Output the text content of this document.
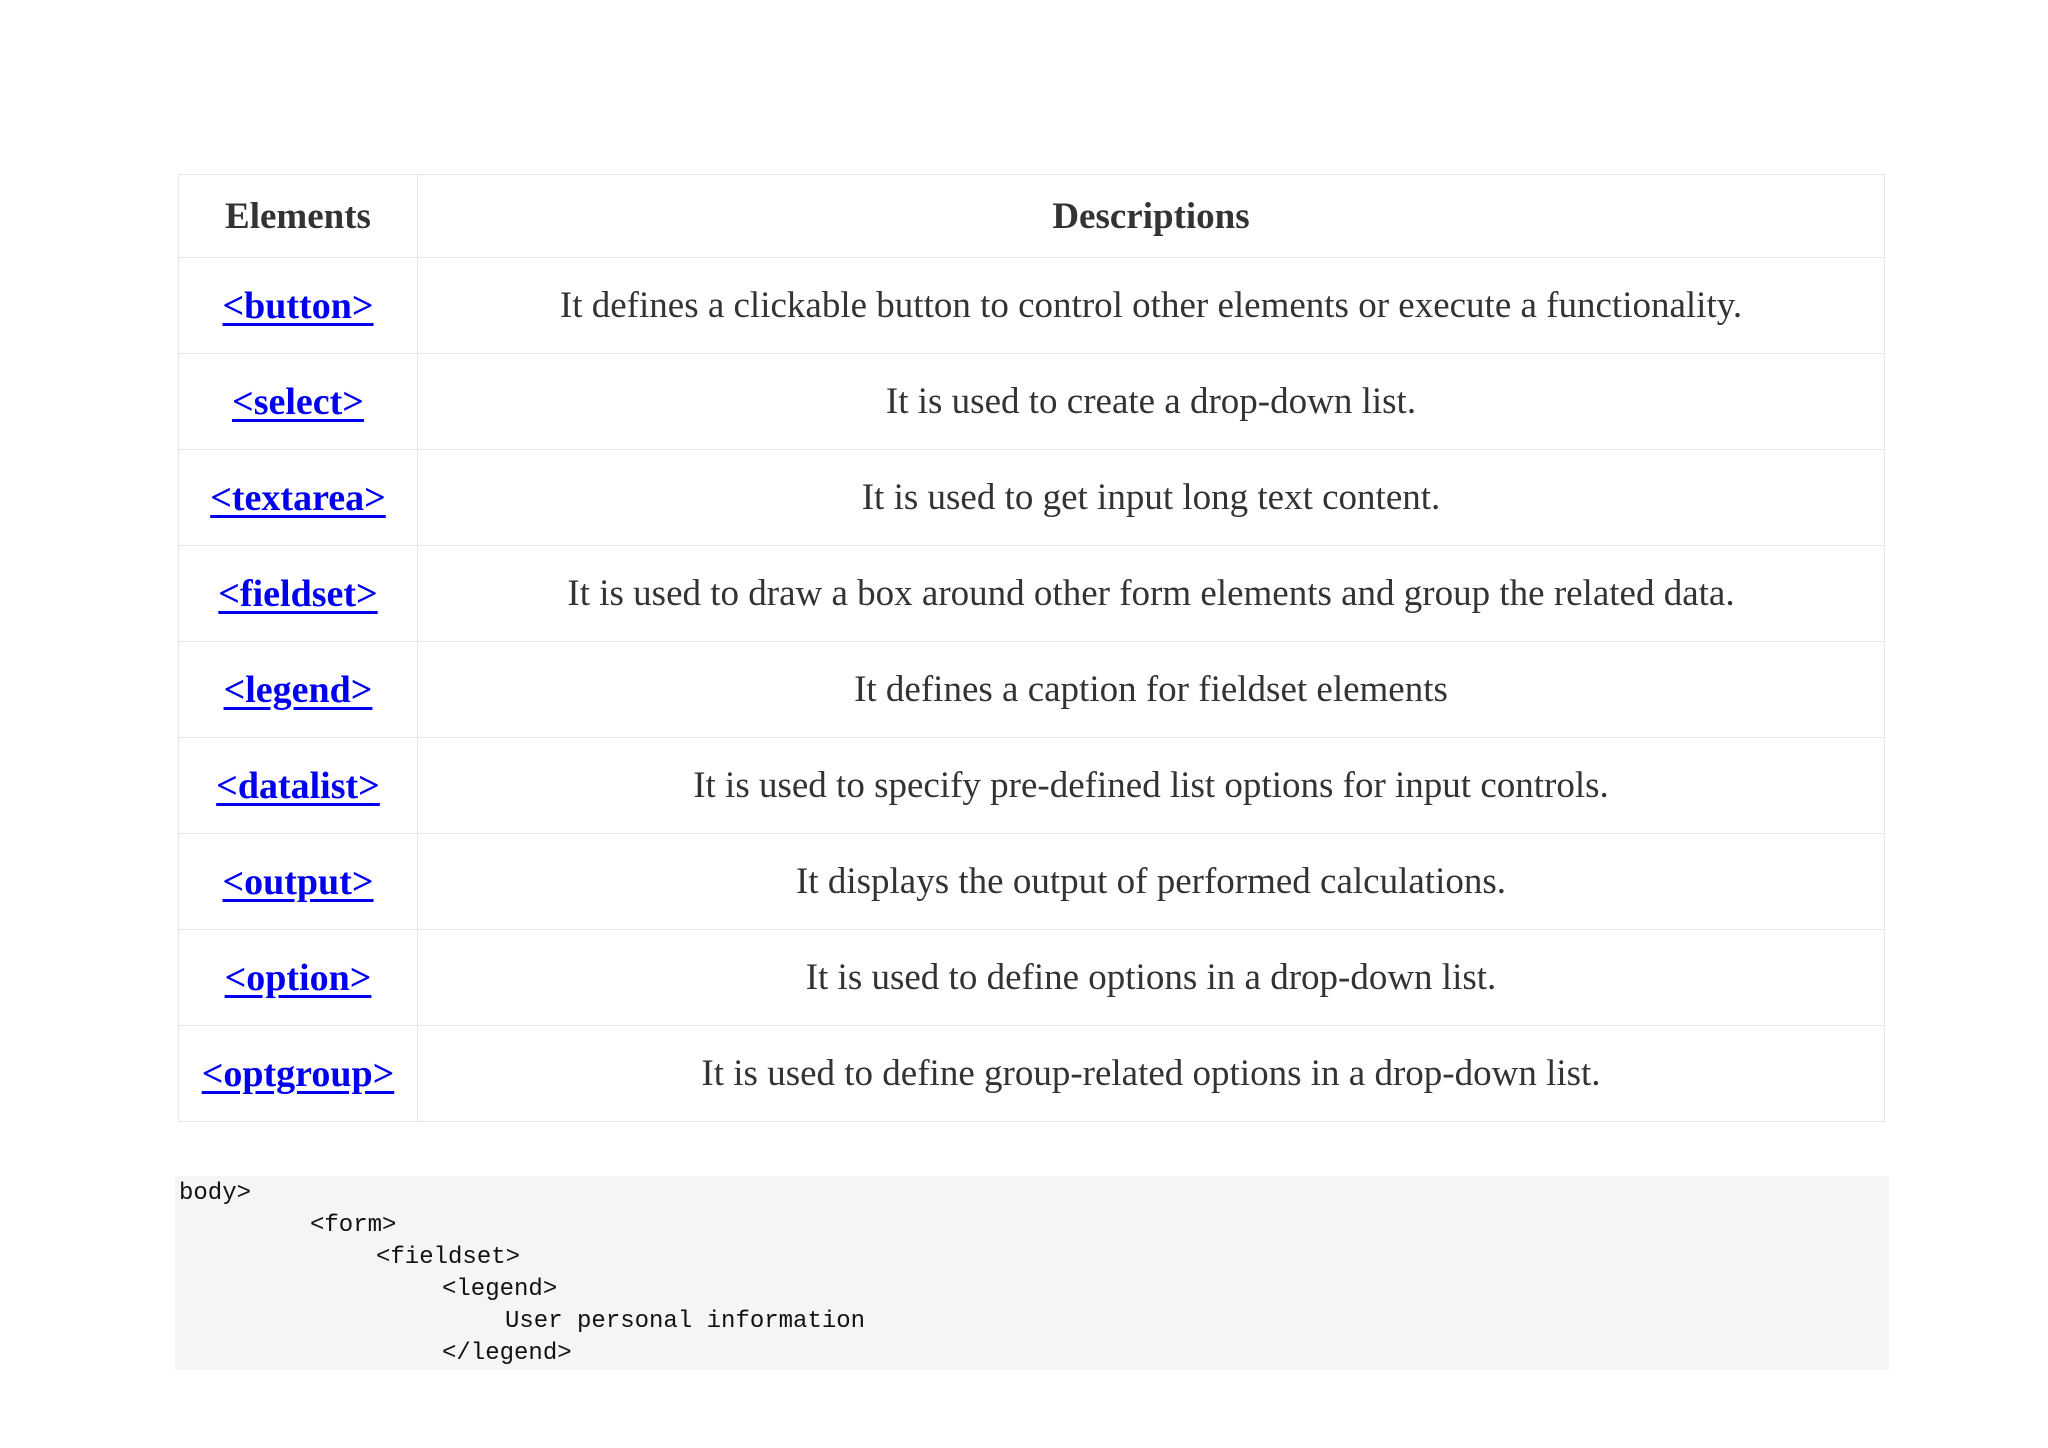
Elements	Descriptions
<button>	It defines a clickable button to control other elements or execute a functionality.
<select>	It is used to create a drop-down list.
<textarea>	It is used to get input long text content.
<fieldset>	It is used to draw a box around other form elements and group the related data.
<legend>	It defines a caption for fieldset elements
<datalist>	It is used to specify pre-defined list options for input controls.
<output>	It displays the output of performed calculations.
<option>	It is used to define options in a drop-down list.
<optgroup>	It is used to define group-related options in a drop-down list.
body>
<form>
<fieldset>
<legend>
User personal information
</legend>
